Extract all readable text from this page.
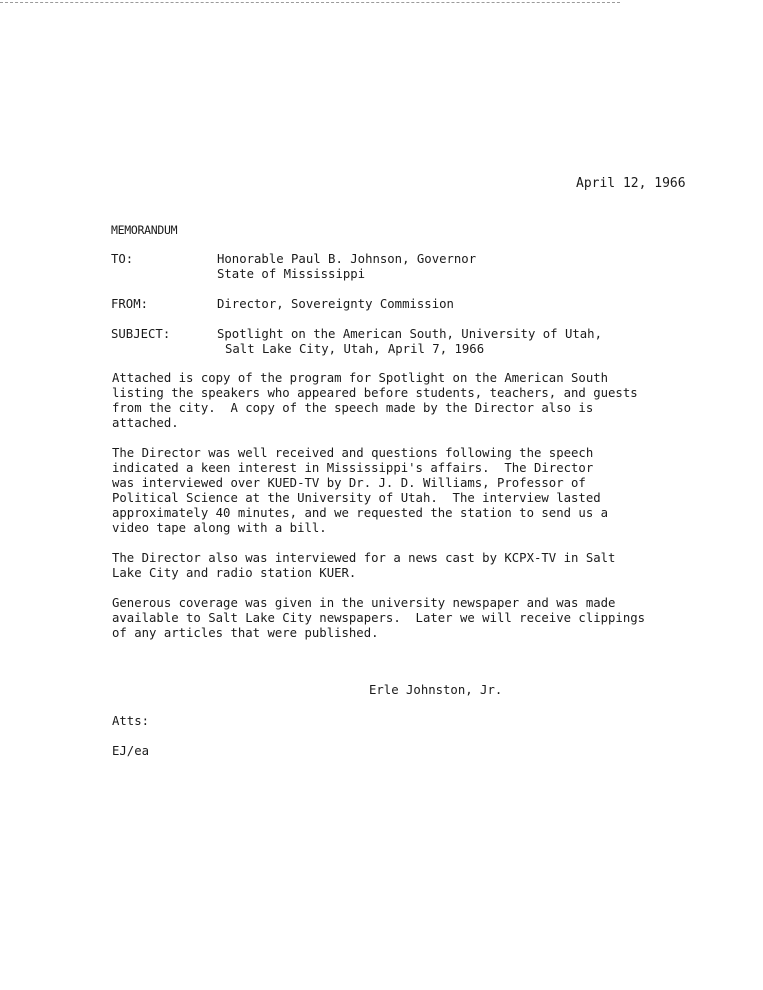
April 12, 1966

MEMORANDUM

TO:	Honorable Paul B. Johnson, Governor

State of Mississippi

FROM:	Director, Sovereignty Commission

SUBJECT:	Spotlight on the American South, University of Utah,

Salt Lake City, Utah, April 7, 1966

Attached is copy of the program for Spotlight on the American South

listing the speakers who appeared before students, teachers, and guests

from the city.  A copy of the speech made by the Director also is

attached.

The Director was well received and questions following the speech

indicated a keen interest in Mississippi's affairs.  The Director

was interviewed over KUED-TV by Dr. J. D. Williams, Professor of

Political Science at the University of Utah.  The interview lasted

approximately 40 minutes, and we requested the station to send us a

video tape along with a bill.

The Director also was interviewed for a news cast by KCPX-TV in Salt

Lake City and radio station KUER.

Generous coverage was given in the university newspaper and was made

available to Salt Lake City newspapers.  Later we will receive clippings

of any articles that were published.

Erle Johnston, Jr.

Atts:

EJ/ea
